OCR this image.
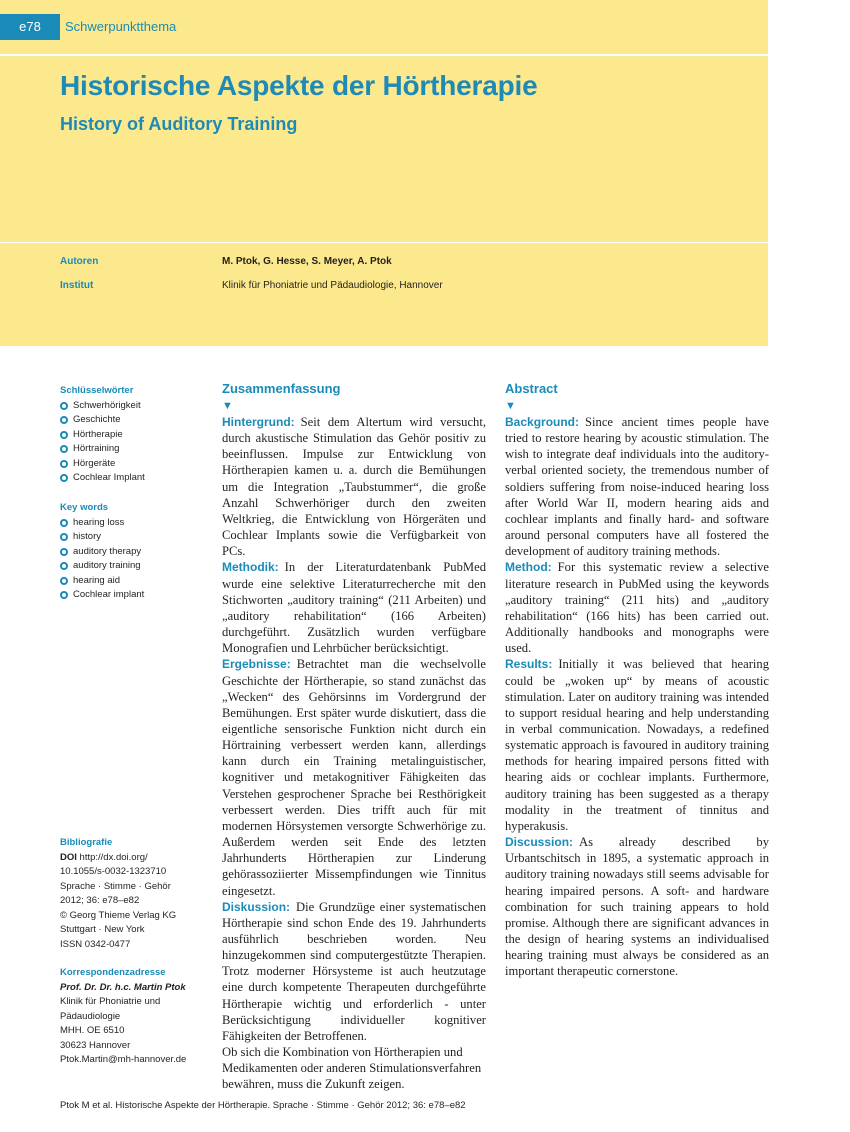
e78	Schwerpunktthema
Historische Aspekte der Hörtherapie
History of Auditory Training
Autoren	M. Ptok, G. Hesse, S. Meyer, A. Ptok
Institut	Klinik für Phoniatrie und Pädaudiologie, Hannover
Schlüsselwörter
Schwerhörigkeit
Geschichte
Hörtherapie
Hörtraining
Hörgeräte
Cochlear Implant
Key words
hearing loss
history
auditory therapy
auditory training
hearing aid
Cochlear implant
Bibliografie
DOI http://dx.doi.org/
10.1055/s-0032-1323710
Sprache · Stimme · Gehör
2012; 36: e78–e82
© Georg Thieme Verlag KG
Stuttgart · New York
ISSN 0342-0477
Korrespondenzadresse
Prof. Dr. Dr. h.c. Martin Ptok
Klinik für Phoniatrie und
Pädaudiologie
MHH. OE 6510
30623 Hannover
Ptok.Martin@mh-hannover.de
Zusammenfassung
▼

Hintergrund: Seit dem Altertum wird versucht, durch akustische Stimulation das Gehör positiv zu beeinflussen. Impulse zur Entwicklung von Hörtherapien kamen u. a. durch die Bemühungen um die Integration „Taubstummer“, die große Anzahl Schwerhöriger durch den zweiten Weltkrieg, die Entwicklung von Hörgeräten und Cochlear Implants sowie die Verfügbarkeit von PCs.

Methodik: In der Literaturdatenbank PubMed wurde eine selektive Literaturrecherche mit den Stichworten „auditory training“ (211 Arbeiten) und „auditory rehabilitation“ (166 Arbeiten) durchgeführt. Zusätzlich wurden verfügbare Monografien und Lehrbücher berücksichtigt.

Ergebnisse: Betrachtet man die wechselvolle Geschichte der Hörtherapie, so stand zunächst das „Wecken“ des Gehörsinns im Vordergrund der Bemühungen. Erst später wurde diskutiert, dass die eigentliche sensorische Funktion nicht durch ein Hörtraining verbessert werden kann, allerdings kann durch ein Training metalinguistischer, kognitiver und metakognitiver Fähigkeiten das Verstehen gesprochener Sprache bei Resthörigkeit verbessert werden. Dies trifft auch für mit modernen Hörsystemen versorgte Schwerhörige zu. Außerdem werden seit Ende des letzten Jahrhunderts Hörtherapien zur Linderung gehörassoziierter Missempfindungen wie Tinnitus eingesetzt.

Diskussion: Die Grundzüge einer systematischen Hörtherapie sind schon Ende des 19. Jahrhunderts ausführlich beschrieben worden. Neu hinzugekommen sind computergestützte Therapien. Trotz moderner Hörsysteme ist auch heutzutage eine durch kompetente Therapeuten durchgeführte Hörtherapie wichtig und erforderlich - unter Berücksichtigung individueller kognitiver Fähigkeiten der Betroffenen.

Ob sich die Kombination von Hörtherapien und Medikamenten oder anderen Stimulationsverfahren bewähren, muss die Zukunft zeigen.

Abstract
▼

Background: Since ancient times people have tried to restore hearing by acoustic stimulation. The wish to integrate deaf individuals into the auditory-verbal oriented society, the tremendous number of soldiers suffering from noise-induced hearing loss after World War II, modern hearing aids and cochlear implants and finally hard- and software around personal computers have all fostered the development of auditory training methods.

Method: For this systematic review a selective literature research in PubMed using the keywords „auditory training“ (211 hits) and „auditory rehabilitation“ (166 hits) has been carried out. Additionally handbooks and monographs were used.

Results: Initially it was believed that hearing could be „woken up“ by means of acoustic stimulation. Later on auditory training was intended to support residual hearing and help understanding in verbal communication. Nowadays, a redefined systematic approach is favoured in auditory training methods for hearing impaired persons fitted with hearing aids or cochlear implants. Furthermore, auditory training has been suggested as a therapy modality in the treatment of tinnitus and hyperakusis.

Discussion: As already described by Urbantschitsch in 1895, a systematic approach in auditory training nowadays still seems advisable for hearing impaired persons. A soft- and hardware combination for such training appears to hold promise. Although there are significant advances in the design of hearing systems an individualised hearing training must always be considered as an important therapeutic cornerstone.

Ptok M et al. Historische Aspekte der Hörtherapie. Sprache · Stimme · Gehör 2012; 36: e78–e82
